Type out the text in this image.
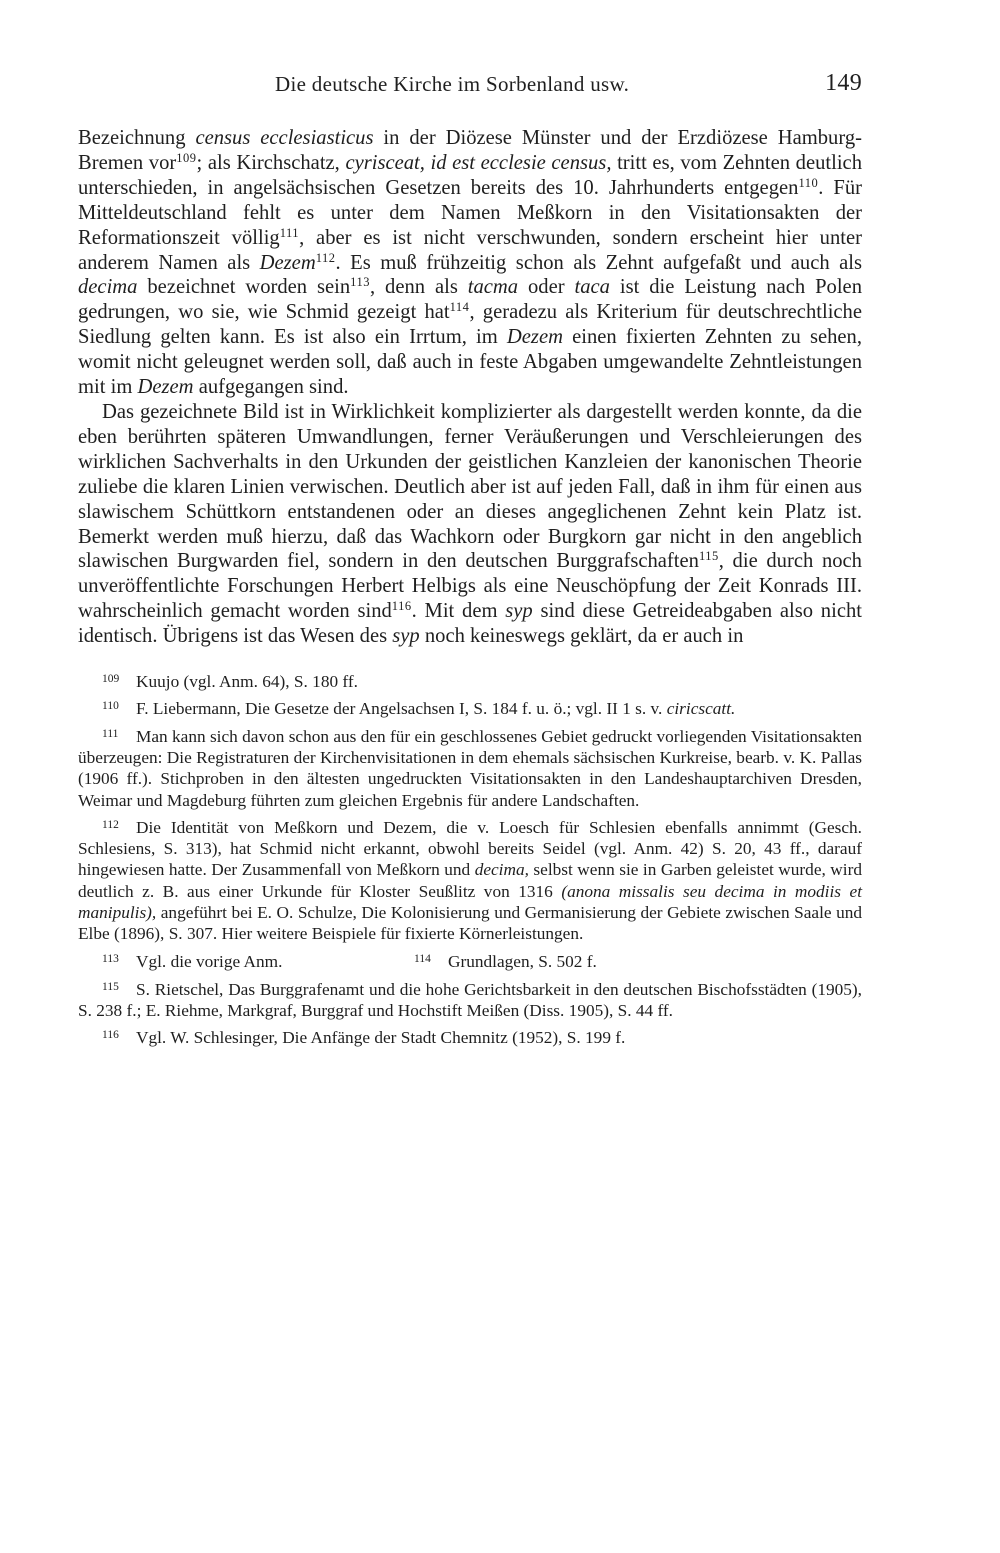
Die deutsche Kirche im Sorbenland usw.	149

Bezeichnung census ecclesiasticus in der Diözese Münster und der Erzdiözese Hamburg-Bremen vor$^{109}$; als Kirchschatz, cyrisceat, id est ecclesie census, tritt es, vom Zehnten deutlich unterschieden, in angelsächsischen Gesetzen bereits des 10. Jahrhunderts entgegen$^{110}$. Für Mitteldeutschland fehlt es unter dem Namen Meßkorn in den Visitationsakten der Reformationszeit völlig$^{111}$, aber es ist nicht verschwunden, sondern erscheint hier unter anderem Namen als Dezem$^{112}$. Es muß frühzeitig schon als Zehnt aufgefaßt und auch als decima bezeichnet worden sein$^{113}$, denn als tacma oder taca ist die Leistung nach Polen gedrungen, wo sie, wie Schmid gezeigt hat$^{114}$, geradezu als Kriterium für deutschrechtliche Siedlung gelten kann. Es ist also ein Irrtum, im Dezem einen fixierten Zehnten zu sehen, womit nicht geleugnet werden soll, daß auch in feste Abgaben umgewandelte Zehntleistungen mit im Dezem aufgegangen sind.

Das gezeichnete Bild ist in Wirklichkeit komplizierter als dargestellt werden konnte, da die eben berührten späteren Umwandlungen, ferner Veräußerungen und Verschleierungen des wirklichen Sachverhalts in den Urkunden der geistlichen Kanzleien der kanonischen Theorie zuliebe die klaren Linien verwischen. Deutlich aber ist auf jeden Fall, daß in ihm für einen aus slawischem Schüttkorn entstandenen oder an dieses angeglichenen Zehnt kein Platz ist. Bemerkt werden muß hierzu, daß das Wachkorn oder Burgkorn gar nicht in den angeblich slawischen Burgwarden fiel, sondern in den deutschen Burggrafschaften$^{115}$, die durch noch unveröffentlichte Forschungen Herbert Helbigs als eine Neuschöpfung der Zeit Konrads III. wahrscheinlich gemacht worden sind$^{116}$. Mit dem syp sind diese Getreideabgaben also nicht identisch. Übrigens ist das Wesen des syp noch keineswegs geklärt, da er auch in

109 Kuujo (vgl. Anm. 64), S. 180 ff.

110 F. Liebermann, Die Gesetze der Angelsachsen I, S. 184 f. u. ö.; vgl. II 1 s. v. ciricscatt.

111 Man kann sich davon schon aus den für ein geschlossenes Gebiet gedruckt vorliegenden Visitationsakten überzeugen: Die Registraturen der Kirchenvisitationen in dem ehemals sächsischen Kurkreise, bearb. v. K. Pallas (1906 ff.). Stichproben in den ältesten ungedruckten Visitationsakten in den Landeshauptarchiven Dresden, Weimar und Magdeburg führten zum gleichen Ergebnis für andere Landschaften.

112 Die Identität von Meßkorn und Dezem, die v. Loesch für Schlesien ebenfalls annimmt (Gesch. Schlesiens, S. 313), hat Schmid nicht erkannt, obwohl bereits Seidel (vgl. Anm. 42) S. 20, 43 ff., darauf hingewiesen hatte. Der Zusammenfall von Meßkorn und decima, selbst wenn sie in Garben geleistet wurde, wird deutlich z. B. aus einer Urkunde für Kloster Seußlitz von 1316 (anona missalis seu decima in modiis et manipulis), angeführt bei E. O. Schulze, Die Kolonisierung und Germanisierung der Gebiete zwischen Saale und Elbe (1896), S. 307. Hier weitere Beispiele für fixierte Körnerleistungen.

113 Vgl. die vorige Anm.	114 Grundlagen, S. 502 f.

115 S. Rietschel, Das Burggrafenamt und die hohe Gerichtsbarkeit in den deutschen Bischofsstädten (1905), S. 238 f.; E. Riehme, Markgraf, Burggraf und Hochstift Meißen (Diss. 1905), S. 44 ff.

116 Vgl. W. Schlesinger, Die Anfänge der Stadt Chemnitz (1952), S. 199 f.
